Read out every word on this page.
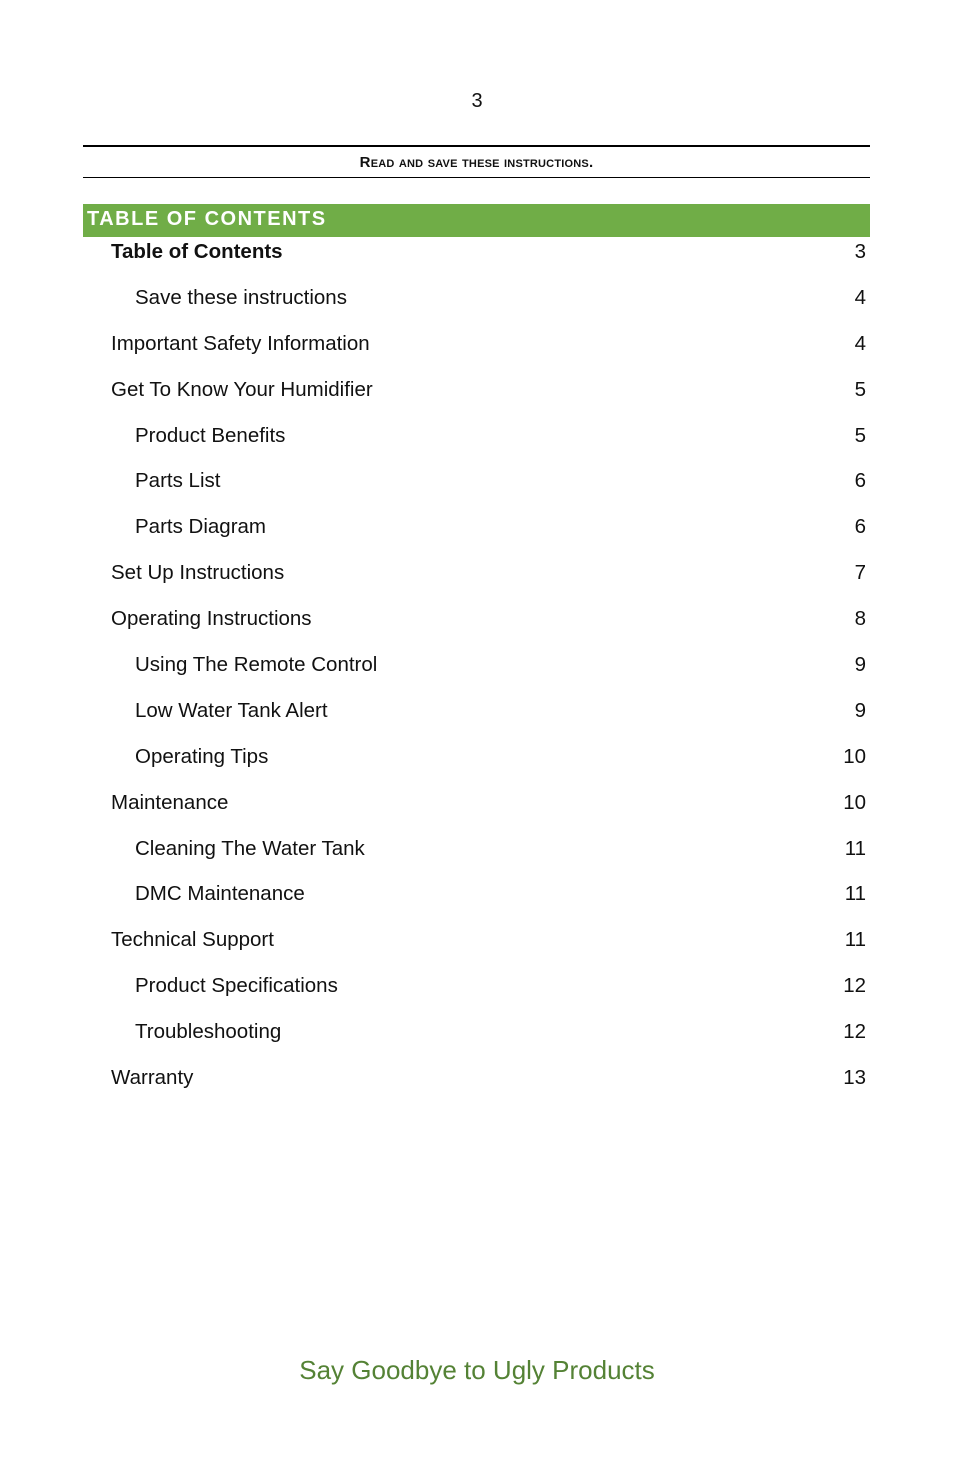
3
Read and save these instructions.
TABLE OF CONTENTS
Table of Contents	3
Save these instructions	4
Important Safety Information	4
Get To Know Your Humidifier	5
Product Benefits	5
Parts List	6
Parts Diagram	6
Set Up Instructions	7
Operating Instructions	8
Using The Remote Control	9
Low Water Tank Alert	9
Operating Tips	10
Maintenance	10
Cleaning The Water Tank	11
DMC Maintenance	11
Technical Support	11
Product Specifications	12
Troubleshooting	12
Warranty	13
Say Goodbye to Ugly Products
